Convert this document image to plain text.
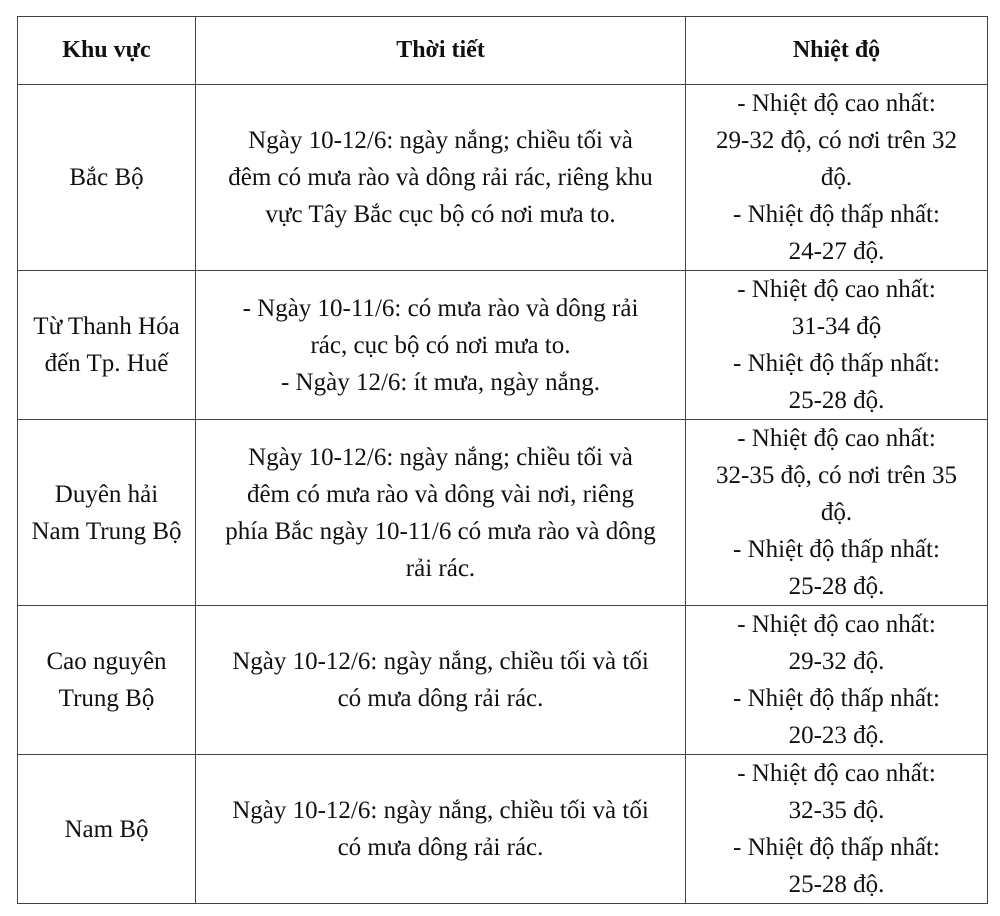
Khu vực	Thời tiết	Nhiệt độ

Bắc Bộ	Ngày 10-12/6: ngày nắng; chiều tối và
đêm có mưa rào và dông rải rác, riêng khu
vực Tây Bắc cục bộ có nơi mưa to.	- Nhiệt độ cao nhất:
29-32 độ, có nơi trên 32
độ.
- Nhiệt độ thấp nhất:
24-27 độ.

Từ Thanh Hóa
đến Tp. Huế	- Ngày 10-11/6: có mưa rào và dông rải
rác, cục bộ có nơi mưa to.
- Ngày 12/6: ít mưa, ngày nắng.	- Nhiệt độ cao nhất:
31-34 độ
- Nhiệt độ thấp nhất:
25-28 độ.

Duyên hải
Nam Trung Bộ	Ngày 10-12/6: ngày nắng; chiều tối và
đêm có mưa rào và dông vài nơi, riêng
phía Bắc ngày 10-11/6 có mưa rào và dông
rải rác.	- Nhiệt độ cao nhất:
32-35 độ, có nơi trên 35
độ.
- Nhiệt độ thấp nhất:
25-28 độ.

Cao nguyên
Trung Bộ	Ngày 10-12/6: ngày nắng, chiều tối và tối
có mưa dông rải rác.	- Nhiệt độ cao nhất:
29-32 độ.
- Nhiệt độ thấp nhất:
20-23 độ.

Nam Bộ	Ngày 10-12/6: ngày nắng, chiều tối và tối
có mưa dông rải rác.	- Nhiệt độ cao nhất:
32-35 độ.
- Nhiệt độ thấp nhất:
25-28 độ.
